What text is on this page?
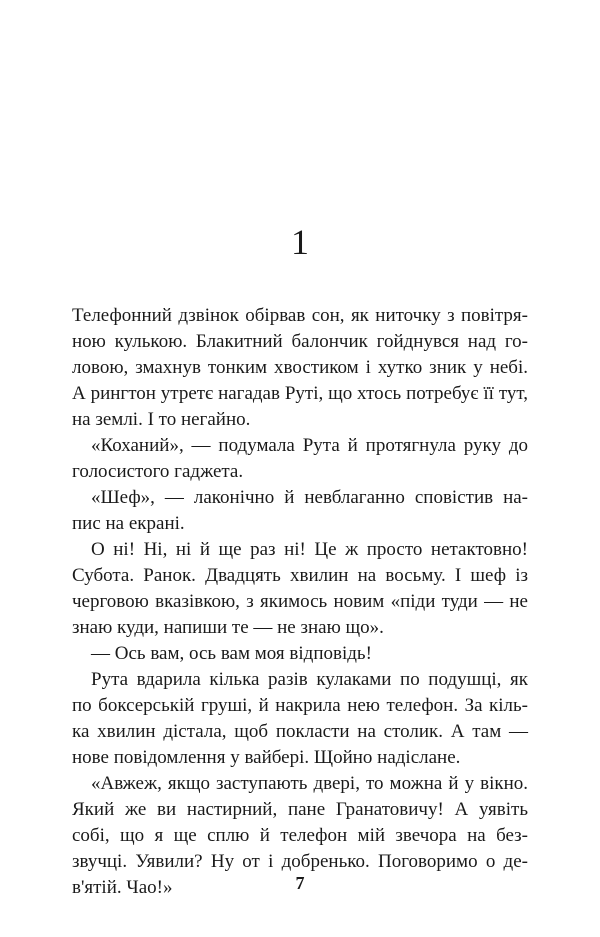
1
Телефонний дзвінок обірвав сон, як ниточку з повітря-
ною кулькою. Блакитний балончик гойднувся над го-
ловою, змахнув тонким хвостиком і хутко зник у небі.
А рингтон утретє нагадав Руті, що хтось потребує її тут,
на землі. І то негайно.
«Коханий», — подумала Рута й протягнула руку до
голосистого гаджета.
«Шеф», — лаконічно й невблаганно сповістив на-
пис на екрані.
О ні! Ні, ні й ще раз ні! Це ж просто нетактовно!
Субота. Ранок. Двадцять хвилин на восьму. І шеф із
черговою вказівкою, з якимось новим «піди туди — не
знаю куди, напиши те — не знаю що».
— Ось вам, ось вам моя відповідь!
Рута вдарила кілька разів кулаками по подушці, як
по боксерській груші, й накрила нею телефон. За кіль-
ка хвилин дістала, щоб покласти на столик. А там —
нове повідомлення у вайбері. Щойно надіслане.
«Авжеж, якщо заступають двері, то можна й у вікно.
Який же ви настирний, пане Гранатовичу! А уявіть
собі, що я ще сплю й телефон мій звечора на без-
звучці. Уявили? Ну от і добренько. Поговоримо о де-
в'ятій. Чао!»	7
